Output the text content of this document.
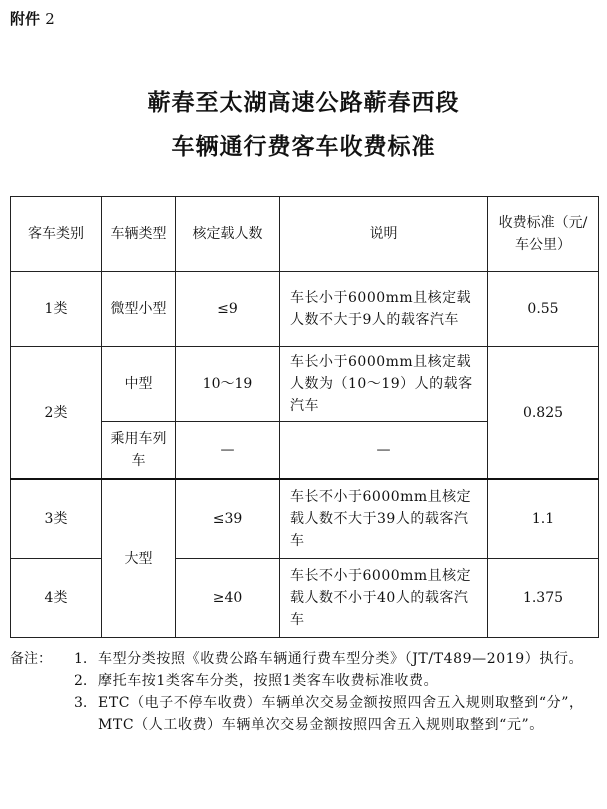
附件 2
蕲春至太湖高速公路蕲春西段
车辆通行费客车收费标准
客车类别	车辆类型	核定载人数	说明	收费标准（元/车公里）
1类	微型小型	≤9	车长小于6000mm且核定载人数不大于9人的载客汽车	0.55
2类	中型	10～19	车长小于6000mm且核定载人数为（10～19）人的载客汽车	0.825
	乘用车列车	—	—	
3类	大型	≤39	车长不小于6000mm且核定载人数不大于39人的载客汽车	1.1
4类		≥40	车长不小于6000mm且核定载人数不小于40人的载客汽车	1.375
备注：	1. 车型分类按照《收费公路车辆通行费车型分类》（JT/T489—2019）执行。
2. 摩托车按1类客车分类，按照1类客车收费标准收费。
3. ETC（电子不停车收费）车辆单次交易金额按照四舍五入规则取整到“分”，MTC（人工收费）车辆单次交易金额按照四舍五入规则取整到“元”。
